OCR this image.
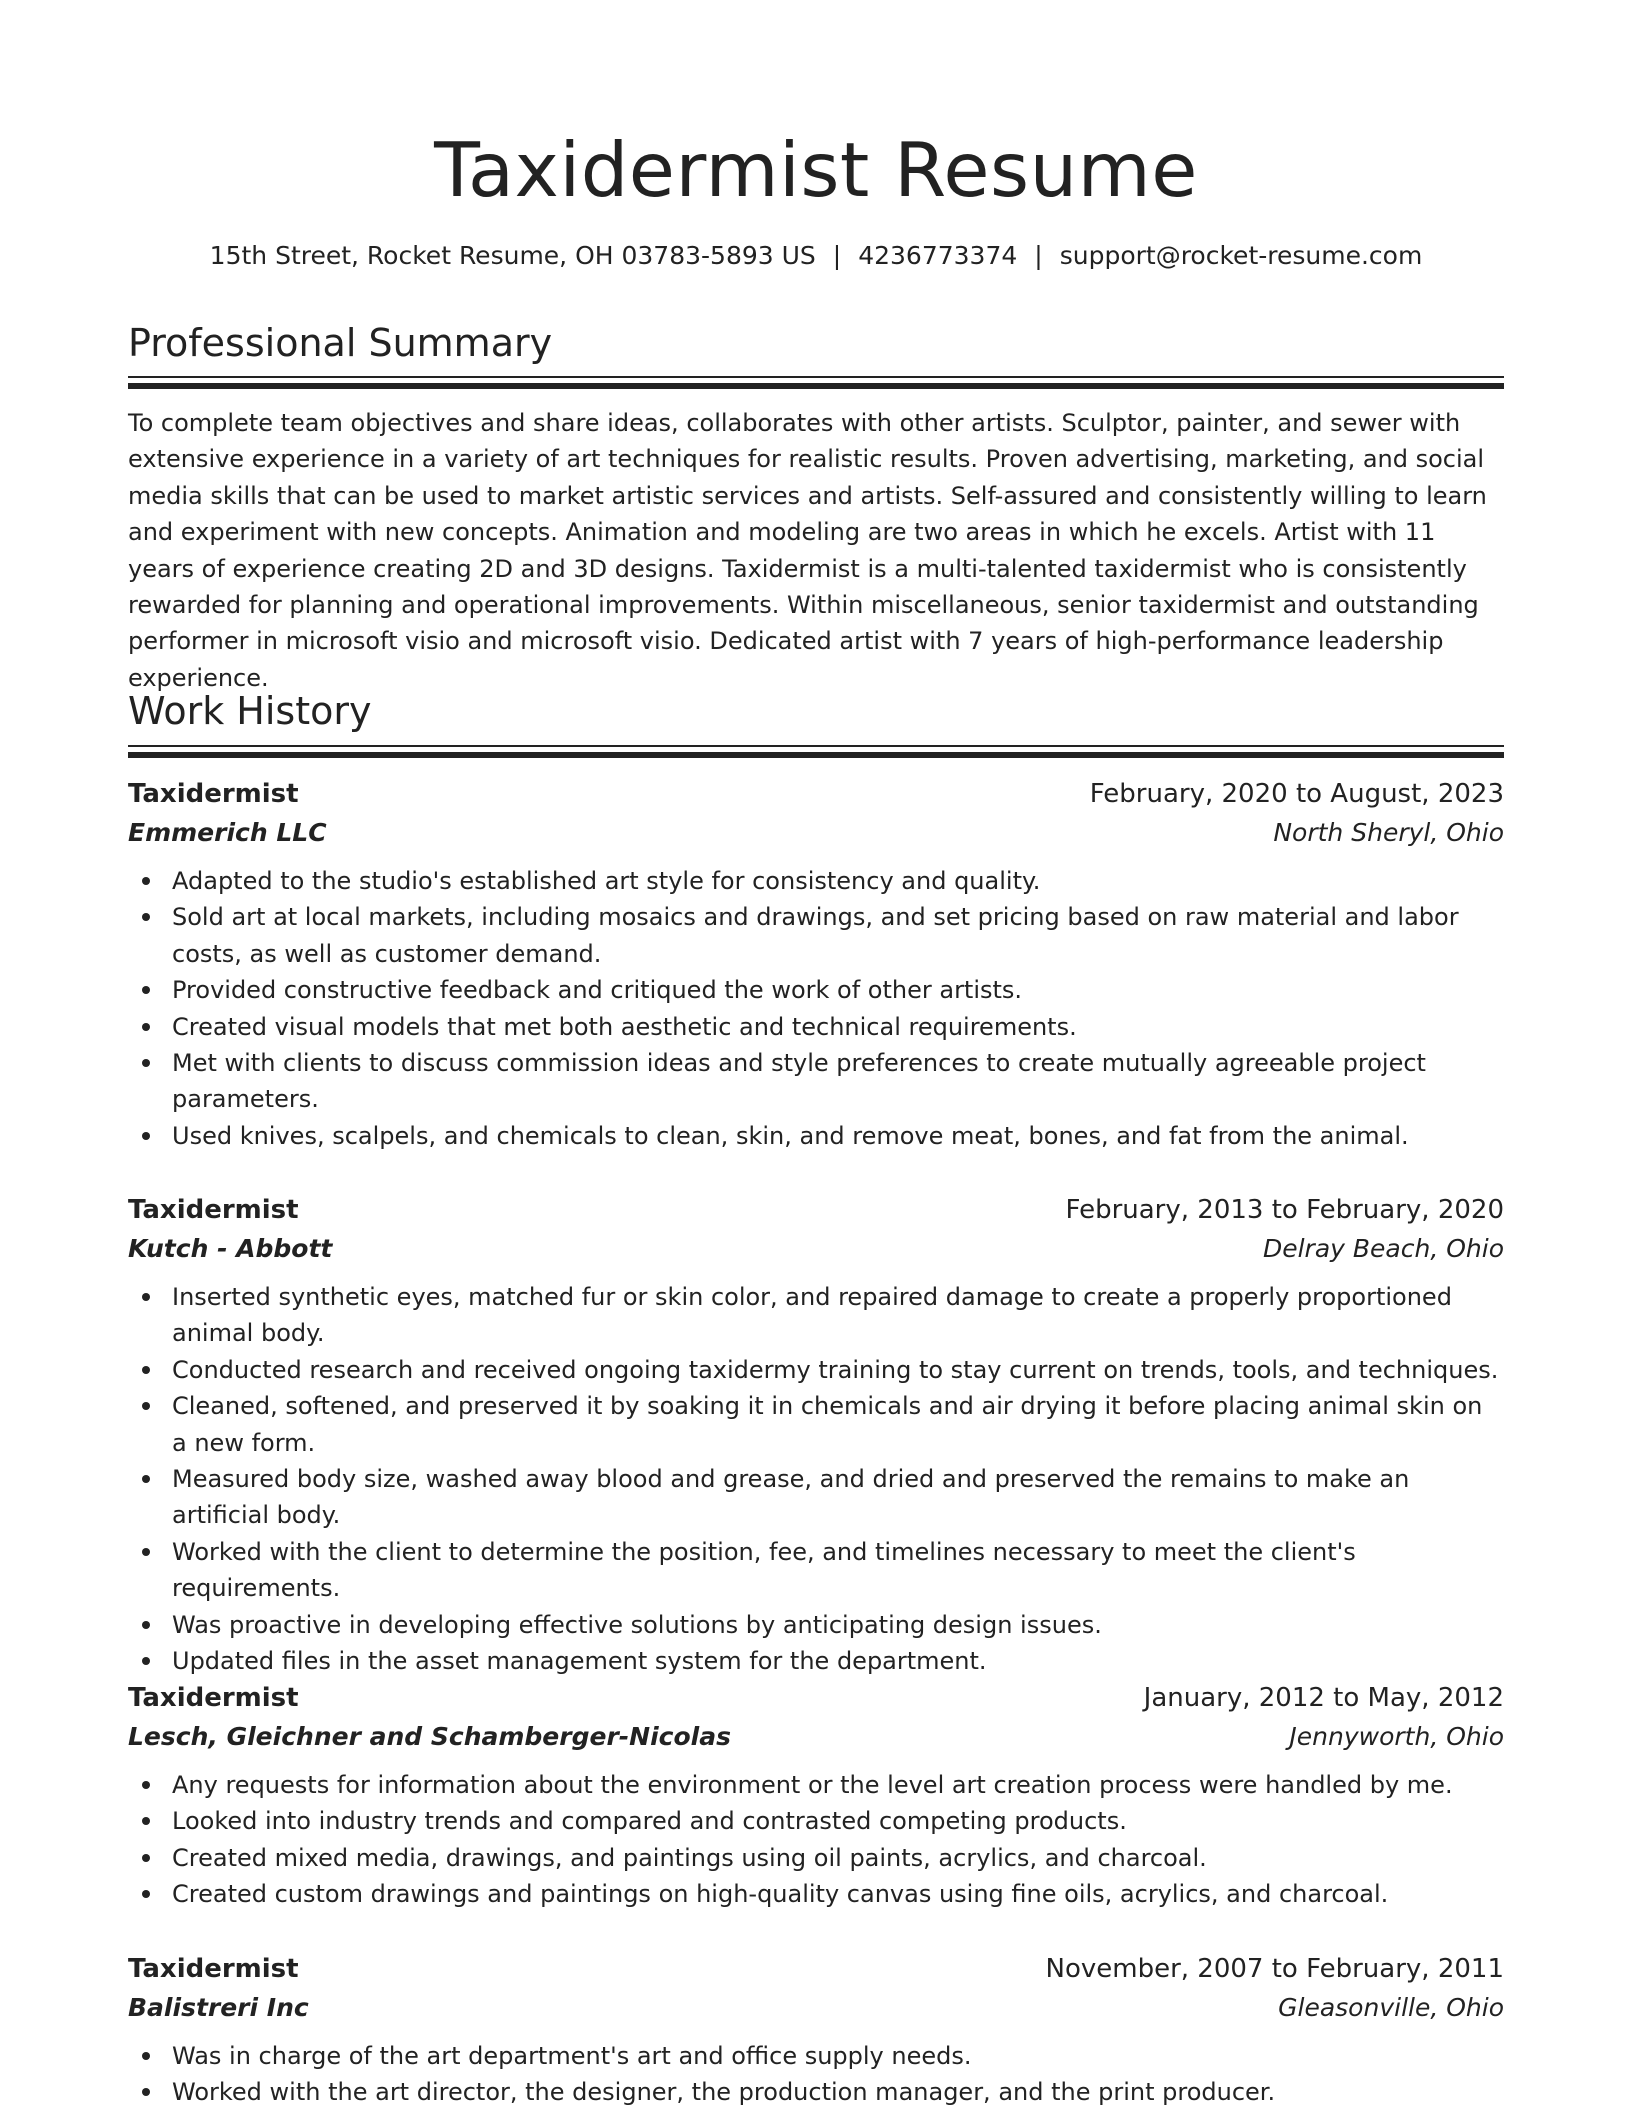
Taxidermist Resume
15th Street, Rocket Resume, OH 03783-5893 US | 4236773374 | support@rocket-resume.com
Professional Summary

To complete team objectives and share ideas, collaborates with other artists. Sculptor, painter, and sewer with extensive experience in a variety of art techniques for realistic results. Proven advertising, marketing, and social media skills that can be used to market artistic services and artists. Self-assured and consistently willing to learn and experiment with new concepts. Animation and modeling are two areas in which he excels. Artist with 11 years of experience creating 2D and 3D designs. Taxidermist is a multi-talented taxidermist who is consistently rewarded for planning and operational improvements. Within miscellaneous, senior taxidermist and outstanding performer in microsoft visio and microsoft visio. Dedicated artist with 7 years of high-performance leadership experience.

Work History
Taxidermist	February, 2020 to August, 2023
Emmerich LLC	North Sheryl, Ohio
Adapted to the studio's established art style for consistency and quality.
Sold art at local markets, including mosaics and drawings, and set pricing based on raw material and labor costs, as well as customer demand.
Provided constructive feedback and critiqued the work of other artists.
Created visual models that met both aesthetic and technical requirements.
Met with clients to discuss commission ideas and style preferences to create mutually agreeable project parameters.
Used knives, scalpels, and chemicals to clean, skin, and remove meat, bones, and fat from the animal.
Taxidermist	February, 2013 to February, 2020
Kutch - Abbott	Delray Beach, Ohio
Inserted synthetic eyes, matched fur or skin color, and repaired damage to create a properly proportioned animal body.
Conducted research and received ongoing taxidermy training to stay current on trends, tools, and techniques.
Cleaned, softened, and preserved it by soaking it in chemicals and air drying it before placing animal skin on a new form.
Measured body size, washed away blood and grease, and dried and preserved the remains to make an artificial body.
Worked with the client to determine the position, fee, and timelines necessary to meet the client's requirements.
Was proactive in developing effective solutions by anticipating design issues.
Updated files in the asset management system for the department.
Taxidermist	January, 2012 to May, 2012
Lesch, Gleichner and Schamberger-Nicolas	Jennyworth, Ohio
Any requests for information about the environment or the level art creation process were handled by me.
Looked into industry trends and compared and contrasted competing products.
Created mixed media, drawings, and paintings using oil paints, acrylics, and charcoal.
Created custom drawings and paintings on high-quality canvas using fine oils, acrylics, and charcoal.
Taxidermist	November, 2007 to February, 2011
Balistreri Inc	Gleasonville, Ohio
Was in charge of the art department's art and office supply needs.
Worked with the art director, the designer, the production manager, and the print producer.
